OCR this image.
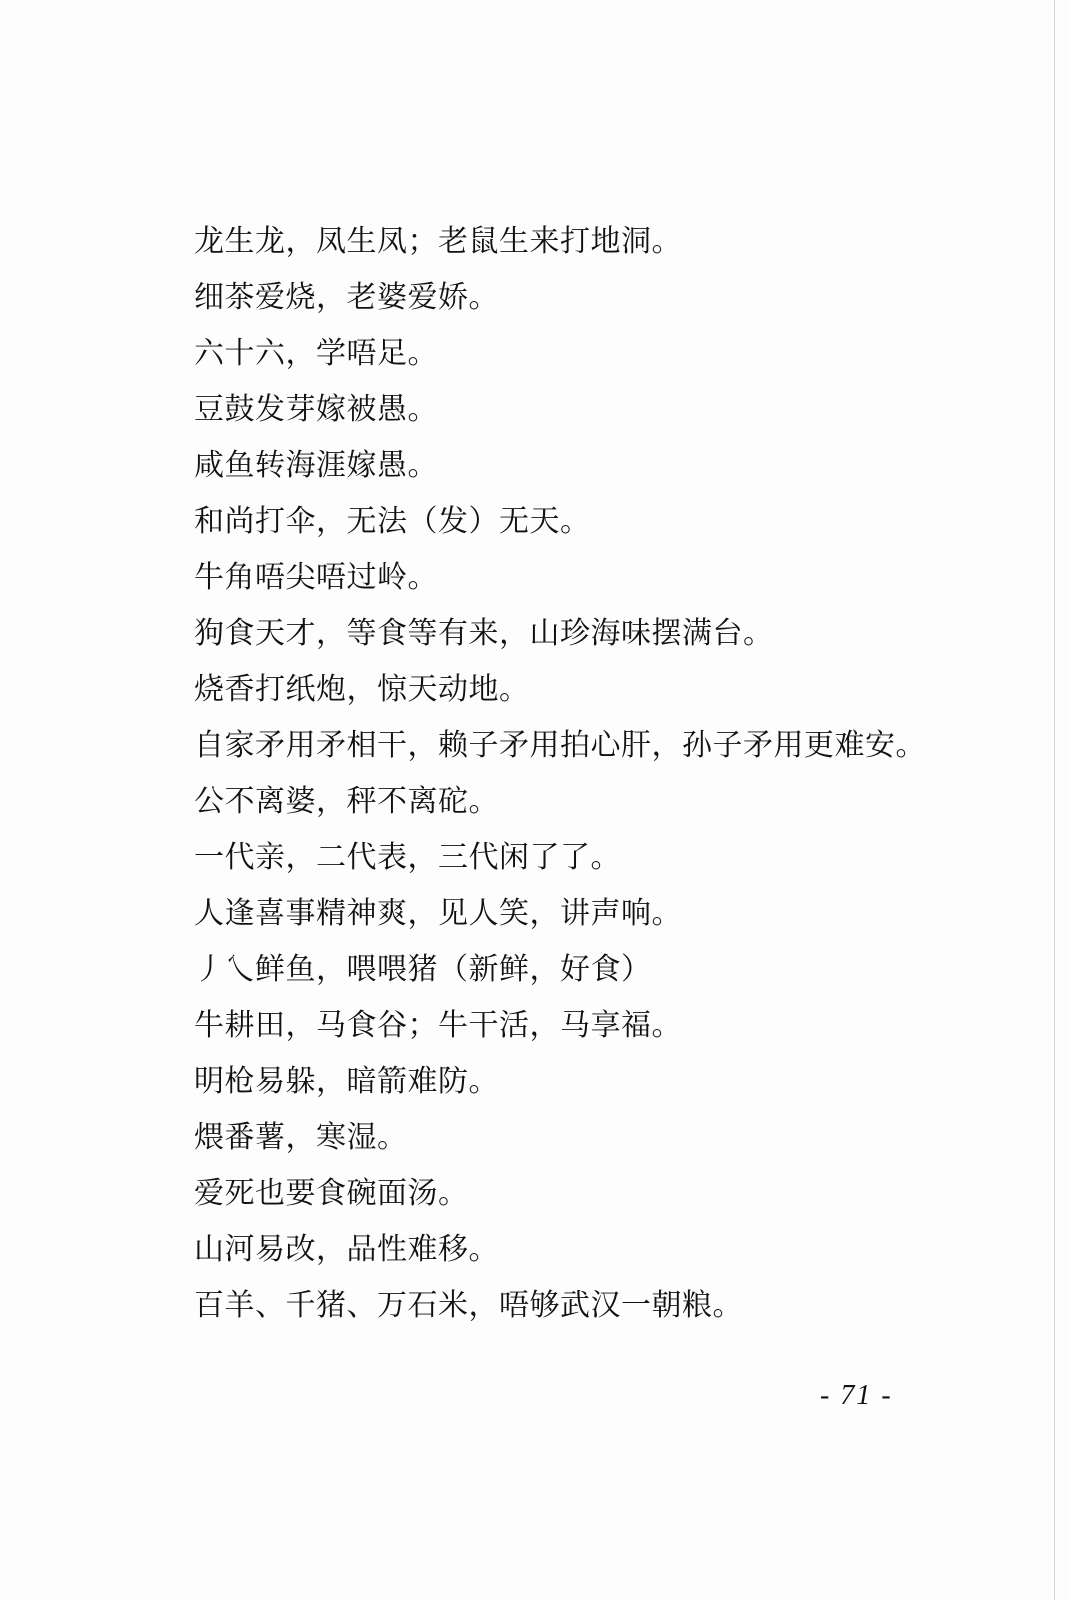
龙生龙，凤生凤；老鼠生来打地洞。
细茶爱烧，老婆爱娇。
六十六，学唔足。
豆鼓发芽嫁被愚。
咸鱼转海涯嫁愚。
和尚打伞，无法（发）无天。
牛角唔尖唔过岭。
狗食天才，等食等有来，山珍海味摆满台。
烧香打纸炮，惊天动地。
自家矛用矛相干，赖子矛用拍心肝，孙子矛用更难安。
公不离婆，秤不离砣。
一代亲，二代表，三代闲了了。
人逢喜事精神爽，见人笑，讲声响。
丿乀鲜鱼，喂喂猪（新鲜，好食）
牛耕田，马食谷；牛干活，马享福。
明枪易躲，暗箭难防。
煨番薯，寒湿。
爱死也要食碗面汤。
山河易改，品性难移。
百羊、千猪、万石米，唔够武汉一朝粮。
- 71 -
